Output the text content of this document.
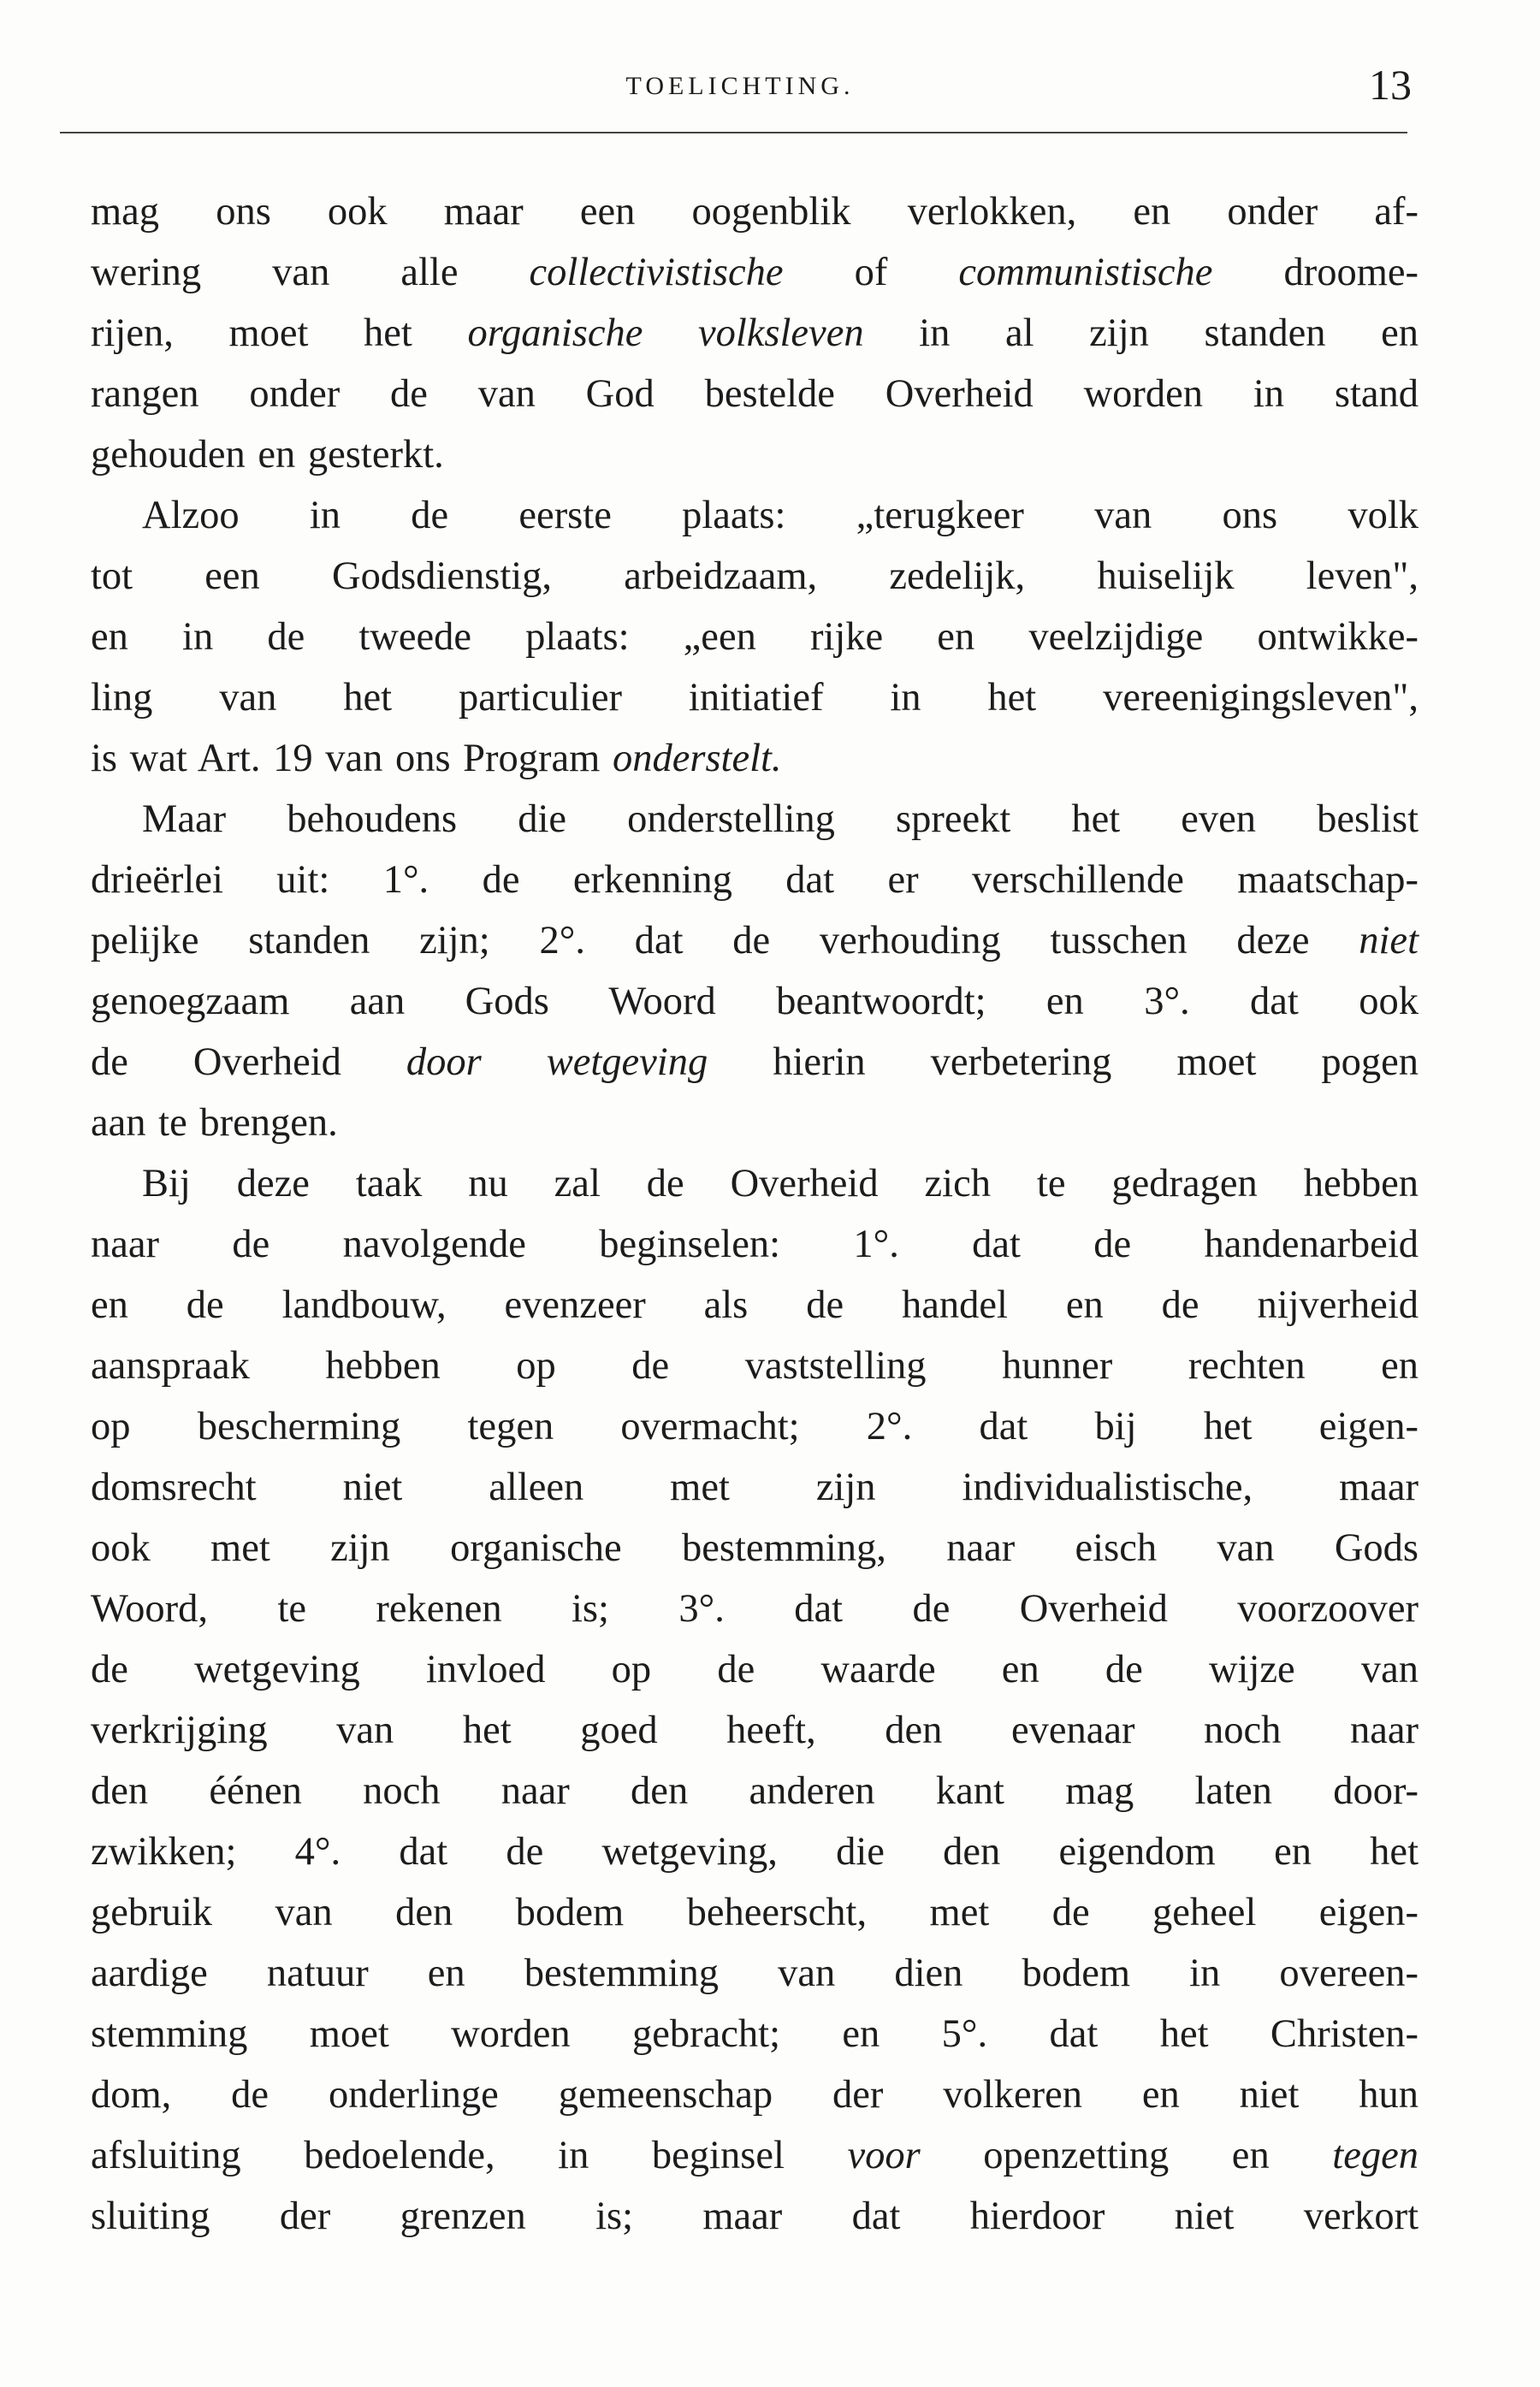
TOELICHTING.	13
mag ons ook maar een oogenblik verlokken, en onder af-
wering van alle collectivistische of communistische droome-
rijen, moet het organische volksleven in al zijn standen en
rangen onder de van God bestelde Overheid worden in stand
gehouden en gesterkt.
Alzoo in de eerste plaats: „terugkeer van ons volk
tot een Godsdienstig, arbeidzaam, zedelijk, huiselijk leven",
en in de tweede plaats: „een rijke en veelzijdige ontwikke-
ling van het particulier initiatief in het vereenigingsleven",
is wat Art. 19 van ons Program onderstelt.
Maar behoudens die onderstelling spreekt het even beslist
drieërlei uit: 1°. de erkenning dat er verschillende maatschap-
pelijke standen zijn; 2°. dat de verhouding tusschen deze niet
genoegzaam aan Gods Woord beantwoordt; en 3°. dat ook
de Overheid door wetgeving hierin verbetering moet pogen
aan te brengen.
Bij deze taak nu zal de Overheid zich te gedragen hebben
naar de navolgende beginselen: 1°. dat de handenarbeid
en de landbouw, evenzeer als de handel en de nijverheid
aanspraak hebben op de vaststelling hunner rechten en
op bescherming tegen overmacht; 2°. dat bij het eigen-
domsrecht niet alleen met zijn individualistische, maar
ook met zijn organische bestemming, naar eisch van Gods
Woord, te rekenen is; 3°. dat de Overheid voorzoover
de wetgeving invloed op de waarde en de wijze van
verkrijging van het goed heeft, den evenaar noch naar
den éénen noch naar den anderen kant mag laten door-
zwikken; 4°. dat de wetgeving, die den eigendom en het
gebruik van den bodem beheerscht, met de geheel eigen-
aardige natuur en bestemming van dien bodem in overeen-
stemming moet worden gebracht; en 5°. dat het Christen-
dom, de onderlinge gemeenschap der volkeren en niet hun
afsluiting bedoelende, in beginsel voor openzetting en tegen
sluiting der grenzen is; maar dat hierdoor niet verkort
